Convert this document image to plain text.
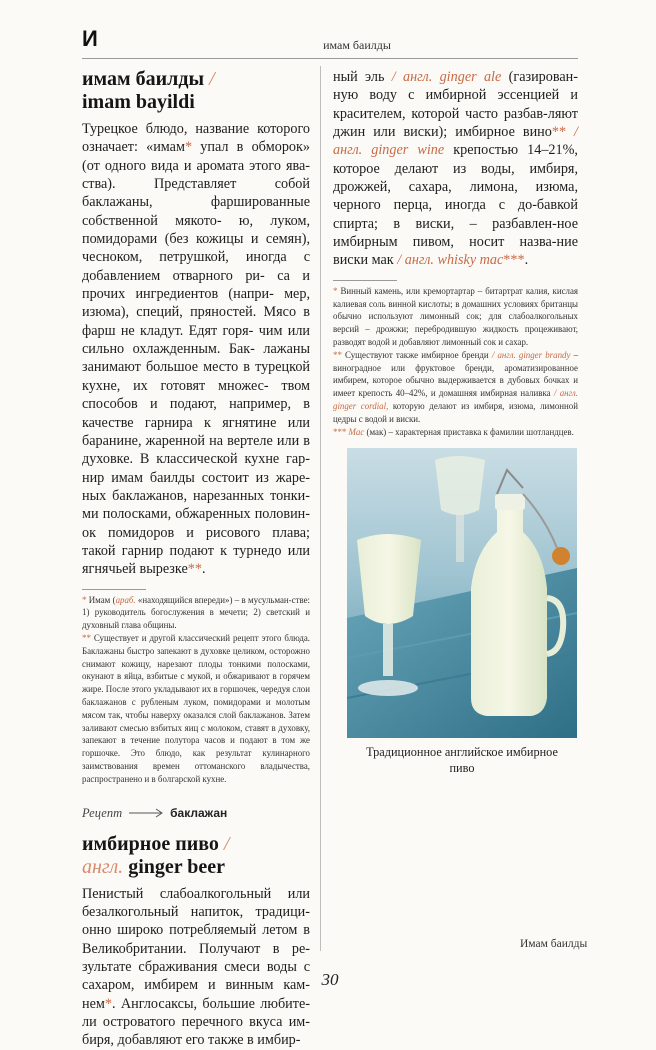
И	имам баилды
имам баилды /
imam bayildi

Турецкое блюдо, название которого означает: «имам* упал в обморок» (от одного вида и аромата этого ява- ства). Представляет собой баклажаны,	фаршированные собственной мякото- ю, луком, помидорами (без кожицы и семян), чесноком, петрушкой, иногда с добавлением отварного ри- са и прочих ингредиентов (напри- мер, изюма), специй, пряностей. Мясо в фарш не кладут. Едят горя- чим или сильно охлажденным. Бак- лажаны занимают большое место в турецкой кухне, их готовят множес- твом способов и подают, например, в качестве гарнира к ягнятине или баранине, жаренной на вертеле или в духовке. В классической кухне гар- нир имам баилды состоит из жаре- ных баклажанов, нарезанных тонки- ми полосками, обжаренных половин- ок помидоров и рисового плава; такой гарнир подают к турнедо или ягнячьей вырезке**.

* Имам (араб. «находящийся впереди») – в мусульман-стве: 1) руководитель богослужения в мечети; 2) светский и духовный глава общины.

** Существует и другой классический рецепт этого блюда. Баклажаны быстро запекают в духовке целиком, осторожно снимают кожицу, нарезают плоды тонкими полосками, окунают в яйца, взбитые с мукой, и обжаривают в горячем жире. После этого укладывают их в горшочек, чередуя слои баклажанов с рубленым луком, помидорами и молотым мясом так, чтобы наверху оказался слой баклажанов. Затем заливают смесью взбитых яиц с молоком, ставят в духовку, запекают в течение полутора часов и подают в том же горшочке. Это блюдо, как результат кулинарного заимствования времен оттоманского владычества, распространено и в болгарской кухне.

Рецепт	баклажан
имбирное пиво /
англ. ginger beer

Пенистый слабоалкогольный или безалкогольный напиток, традици- онно широко потребляемый летом в Великобритании. Получают в ре- зультате сбраживания смеси воды с сахаром, имбирем и винным кам- нем*. Англосаксы, большие любите- ли островатого перечного вкуса им- биря, добавляют его также в имбир-

ный эль / англ. ginger ale (газирован-ную воду с имбирной эссенцией и красителем, которой часто разбав-ляют джин или виски); имбирное вино** / англ. ginger wine крепостью 14–21%, которое делают из воды, имбиря, дрожжей, сахара, лимона, изюма, черного перца, иногда с до-бавкой спирта; в виски, – разбавлен-ное имбирным пивом, носит назва-ние виски мак / англ. whisky mac***.

* Винный камень, или кремортартар – битартрат калия, кислая калиевая соль винной кислоты; в домашних условиях британцы обычно используют лимонный сок; для слабоалкогольных версий – дрожжи; перебродившую жидкость процеживают, разводят водой и добавляют лимонный сок и сахар.

** Существуют также имбирное бренди / англ. ginger brandy – виноградное или фруктовое бренди, ароматизированное имбирем, которое обычно выдерживается в дубовых бочках и имеет крепость 40–42%, и домашняя имбирная наливка / англ. ginger cordial, которую делают из имбиря, изюма, лимонной цедры с водой и виски.

*** Mac (мак) – характерная приставка к фамилии шотландцев.

Традиционное английское имбирное пиво
Имам баилды
30
